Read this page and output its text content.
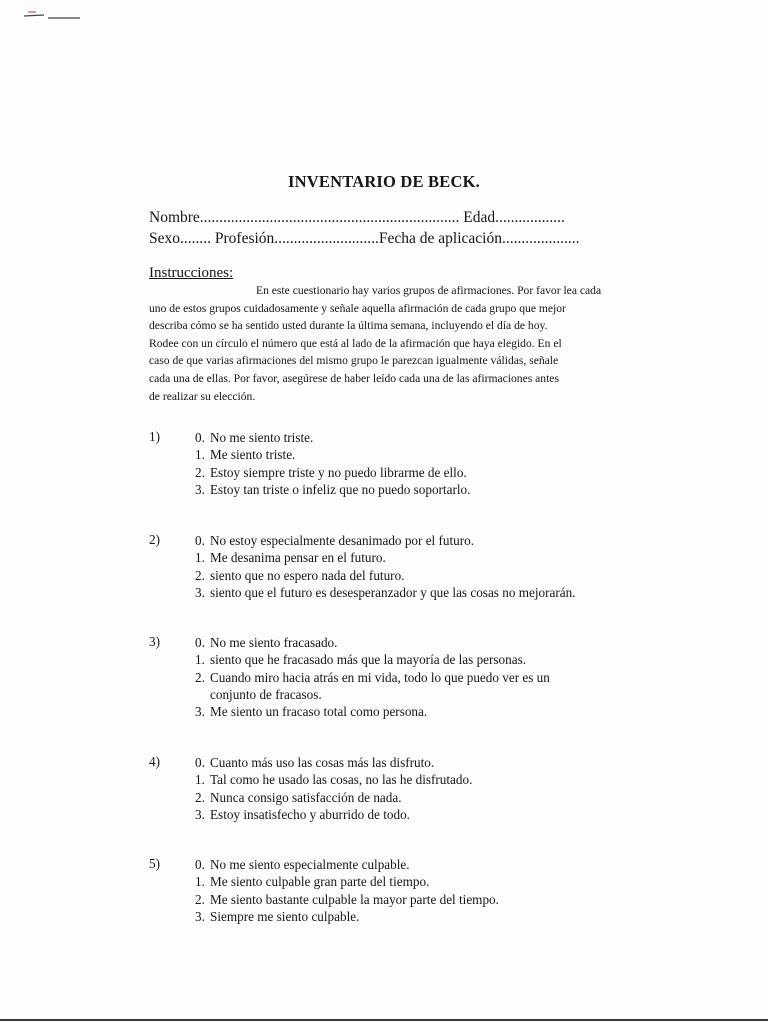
INVENTARIO DE BECK.
Nombre................................................................... Edad..................
Sexo........ Profesión...........................Fecha de aplicación....................
Instrucciones:
En este cuestionario hay varios grupos de afirmaciones. Por favor lea cada
uno de estos grupos cuidadosamente y señale aquella afirmación de cada grupo que mejor
describa cómo se ha sentido usted durante la última semana, incluyendo el día de hoy.
Rodee con un círculo el número que está al lado de la afirmación que haya elegido. En el
caso de que varias afirmaciones del mismo grupo le parezcan igualmente válidas, señale
cada una de ellas. Por favor, asegúrese de haber leído cada una de las afirmaciones antes
de realizar su elección.
1)	0. No me siento triste.
1. Me siento triste.
2. Estoy siempre triste y no puedo librarme de ello.
3. Estoy tan triste o infeliz que no puedo soportarlo.
2)	0. No estoy especialmente desanimado por el futuro.
1. Me desanima pensar en el futuro.
2. siento que no espero nada del futuro.
3. siento que el futuro es desesperanzador y que las cosas no mejorarán.
3)	0. No me siento fracasado.
1. siento que he fracasado más que la mayoría de las personas.
2. Cuando miro hacia atrás en mi vida, todo lo que puedo ver es un
conjunto de fracasos.
3. Me siento un fracaso total como persona.
4)	0. Cuanto más uso las cosas más las disfruto.
1. Tal como he usado las cosas, no las he disfrutado.
2. Nunca consigo satisfacción de nada.
3. Estoy insatisfecho y aburrido de todo.
5)	0. No me siento especialmente culpable.
1. Me siento culpable gran parte del tiempo.
2. Me siento bastante culpable la mayor parte del tiempo.
3. Siempre me siento culpable.
